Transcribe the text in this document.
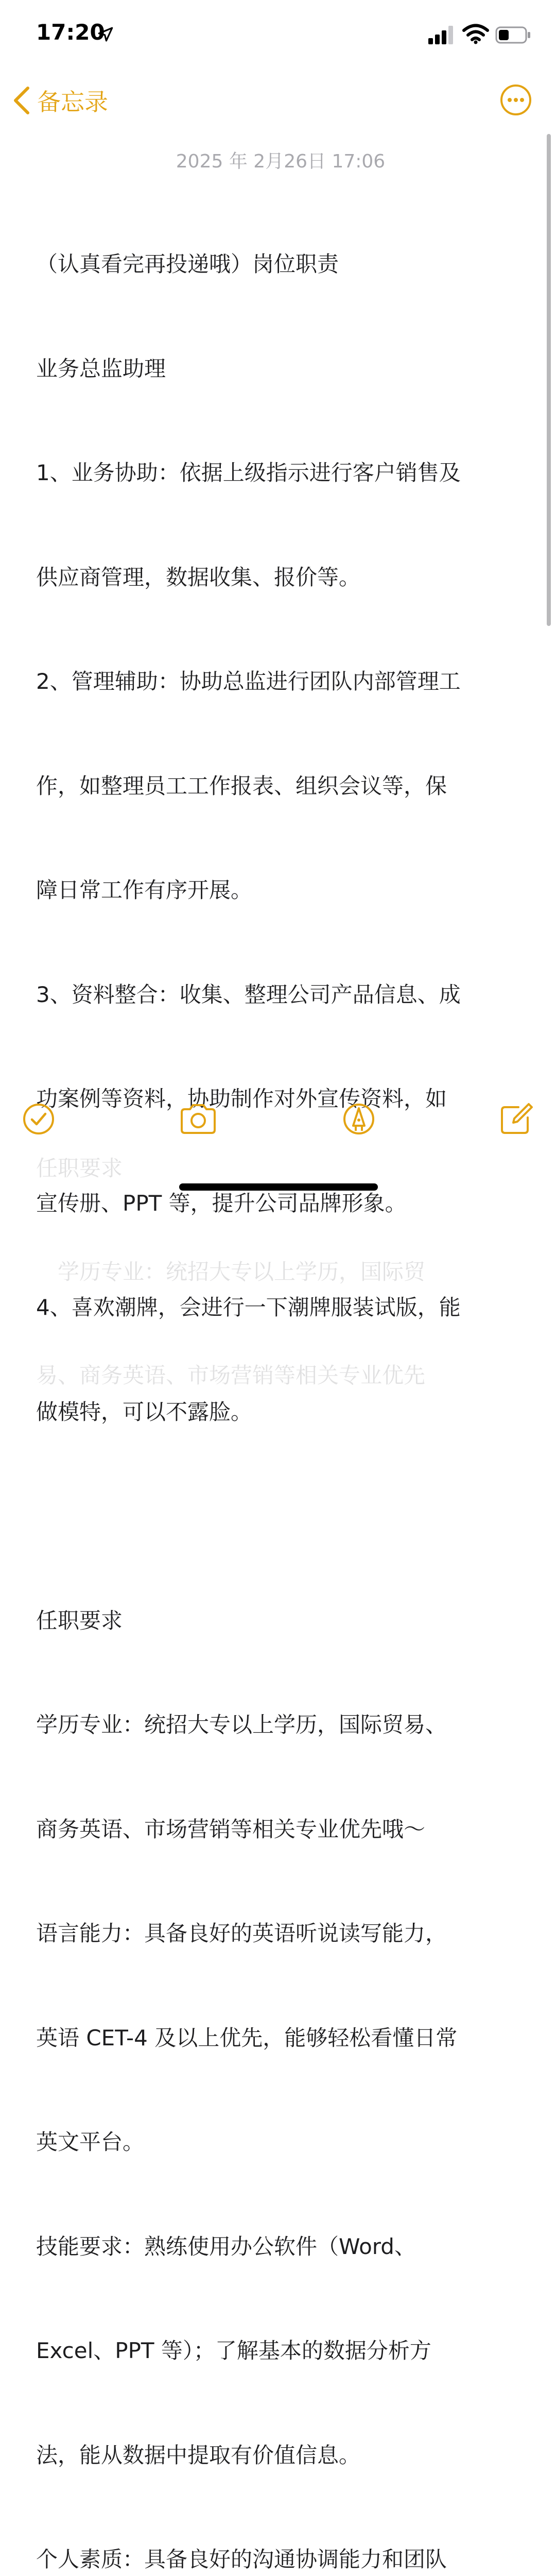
17:20
备忘录
2025 年 2月26日 17:06

（认真看完再投递哦）岗位职责

业务总监助理

1、业务协助：依据上级指示进行客户销售及

供应商管理，数据收集、报价等。

2、管理辅助：协助总监进行团队内部管理工

作，如整理员工工作报表、组织会议等，保

障日常工作有序开展。

3、资料整合：收集、整理公司产品信息、成

功案例等资料，协助制作对外宣传资料，如

宣传册、PPT 等，提升公司品牌形象。

4、喜欢潮牌，会进行一下潮牌服装试版，能

做模特，可以不露脸。

任职要求

学历专业：统招大专以上学历，国际贸易、

商务英语、市场营销等相关专业优先哦～

语言能力：具备良好的英语听说读写能力，

英语 CET-4 及以上优先，能够轻松看懂日常

英文平台。

技能要求：熟练使用办公软件（Word、

Excel、PPT 等）；了解基本的数据分析方

法，能从数据中提取有价值信息。

个人素质：具备良好的沟通协调能力和团队

任职要求

　学历专业：统招大专以上学历，国际贸

易、商务英语、市场营销等相关专业优先
